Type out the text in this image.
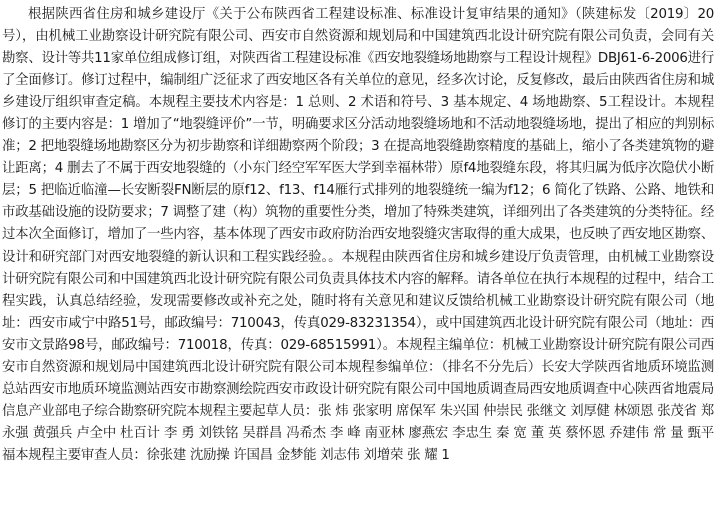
根据陕西省住房和城乡建设厅《关于公布陕西省工程建设标准、标准设计复审结果的通知》（陕建标发〔2019〕20号），由机械工业勘察设计研究院有限公司、西安市自然资源和规划局和中国建筑西北设计研究院有限公司负责，会同有关勘察、设计等共11家单位组成修订组，对陕西省工程建设标准《西安地裂缝场地勘察与工程设计规程》DBJ61-6-2006进行了全面修订。修订过程中，编制组广泛征求了西安地区各有关单位的意见，经多次讨论，反复修改，最后由陕西省住房和城乡建设厅组织审查定稿。本规程主要技术内容是：1 总则、2 术语和符号、3 基本规定、4 场地勘察、5工程设计。本规程修订的主要内容是：1 增加了“地裂缝评价”一节，明确要求区分活动地裂缝场地和不活动地裂缝场地，提出了相应的判别标准；2 把地裂缝场地勘察区分为初步勘察和详细勘察两个阶段；3 在提高地裂缝勘察精度的基础上，缩小了各类建筑物的避让距离；4 删去了不属于西安地裂缝的（小东门经空军军医大学到幸福林带）原f4地裂缝东段，将其归属为低序次隐伏小断层；5 把临近临潼—长安断裂FN断层的原f12、f13、f14雁行式排列的地裂缝统一编为f12；6 简化了铁路、公路、地铁和市政基础设施的设防要求；7 调整了建（构）筑物的重要性分类，增加了特殊类建筑，详细列出了各类建筑的分类特征。经过本次全面修订，增加了一些内容，基本体现了西安市政府防治西安地裂缝灾害取得的重大成果，也反映了西安地区勘察、设计和研究部门对西安地裂缝的新认识和工程实践经验。。本规程由陕西省住房和城乡建设厅负责管理，由机械工业勘察设计研究院有限公司和中国建筑西北设计研究院有限公司负责具体技术内容的解释。请各单位在执行本规程的过程中，结合工程实践，认真总结经验，发现需要修改或补充之处，随时将有关意见和建议反馈给机械工业勘察设计研究院有限公司（地址：西安市咸宁中路51号，邮政编号：710043，传真029-83231354），或中国建筑西北设计研究院有限公司（地址：西安市文景路98号，邮政编号：710018，传真：029-68515991）。本规程主编单位：机械工业勘察设计研究院有限公司西安市自然资源和规划局中国建筑西北设计研究院有限公司本规程参编单位：（排名不分先后）长安大学陕西省地质环境监测总站西安市地质环境监测站西安市勘察测绘院西安市政设计研究院有限公司中国地质调查局西安地质调查中心陕西省地震局信息产业部电子综合勘察研究院本规程主要起草人员：张 炜 张家明 席保军 朱兴国 仲崇民 张继文 刘厚健 林颂恩 张茂省 郑永强 黄强兵 卢全中 杜百计 李 勇 刘铁铭 吴群昌 冯希杰 李 峰 南亚林 廖燕宏 李忠生 秦 宽 董 英 蔡怀恩 乔建伟 常 量 甄平福本规程主要审查人员：徐张建 沈励操 许国昌 金梦能 刘志伟 刘增荣 张 耀 1
